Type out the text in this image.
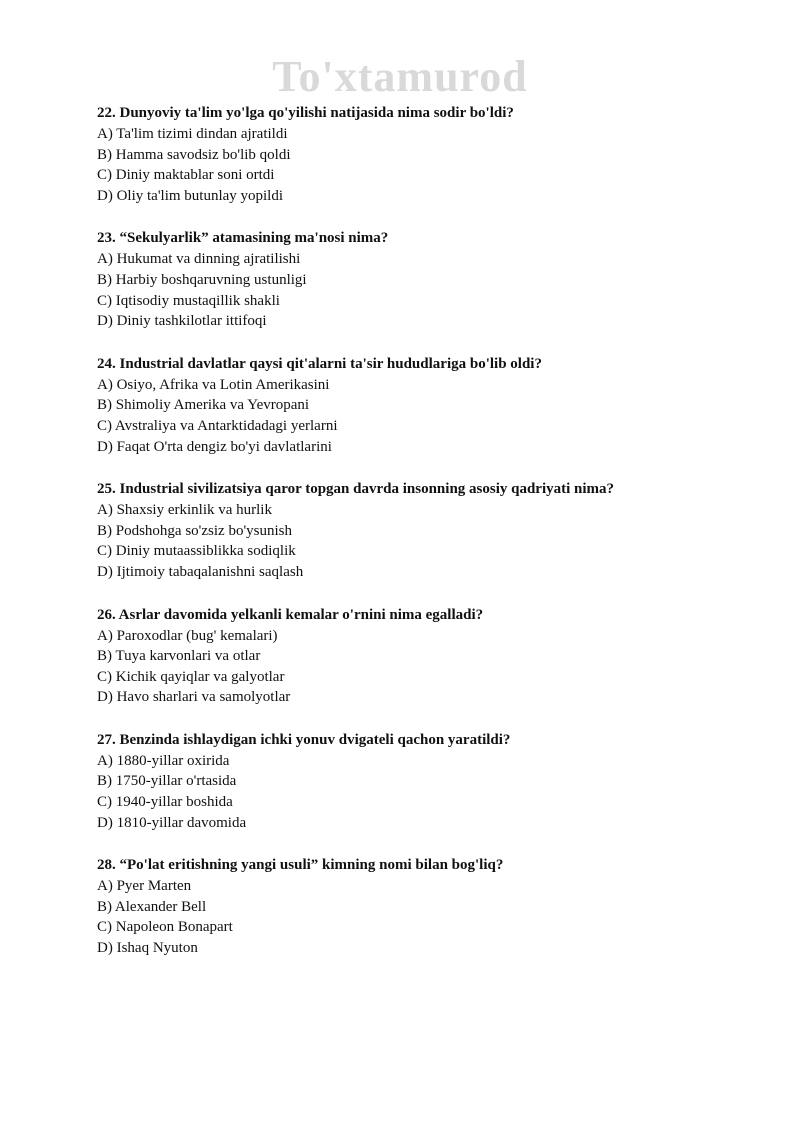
To'xtamurod
22. Dunyoviy ta'lim yo'lga qo'yilishi natijasida nima sodir bo'ldi?
A) Ta'lim tizimi dindan ajratildi
B) Hamma savodsiz bo'lib qoldi
C) Diniy maktablar soni ortdi
D) Oliy ta'lim butunlay yopildi
23. “Sekulyarlik” atamasining ma'nosi nima?
A) Hukumat va dinning ajratilishi
B) Harbiy boshqaruvning ustunligi
C) Iqtisodiy mustaqillik shakli
D) Diniy tashkilotlar ittifoqi
24. Industrial davlatlar qaysi qit'alarni ta'sir hududlariga bo'lib oldi?
A) Osiyo, Afrika va Lotin Amerikasini
B) Shimoliy Amerika va Yevropani
C) Avstraliya va Antarktidadagi yerlarni
D) Faqat O'rta dengiz bo'yi davlatlarini
25. Industrial sivilizatsiya qaror topgan davrda insonning asosiy qadriyati nima?
A) Shaxsiy erkinlik va hurlik
B) Podshohga so'zsiz bo'ysunish
C) Diniy mutaassiblikka sodiqlik
D) Ijtimoiy tabaqalanishni saqlash
26. Asrlar davomida yelkanli kemalar o'rnini nima egalladi?
A) Paroxodlar (bug' kemalari)
B) Tuya karvonlari va otlar
C) Kichik qayiqlar va galyotlar
D) Havo sharlari va samolyotlar
27. Benzinda ishlaydigan ichki yonuv dvigateli qachon yaratildi?
A) 1880-yillar oxirida
B) 1750-yillar o'rtasida
C) 1940-yillar boshida
D) 1810-yillar davomida
28. “Po'lat eritishning yangi usuli” kimning nomi bilan bog'liq?
A) Pyer Marten
B) Alexander Bell
C) Napoleon Bonapart
D) Ishaq Nyuton
